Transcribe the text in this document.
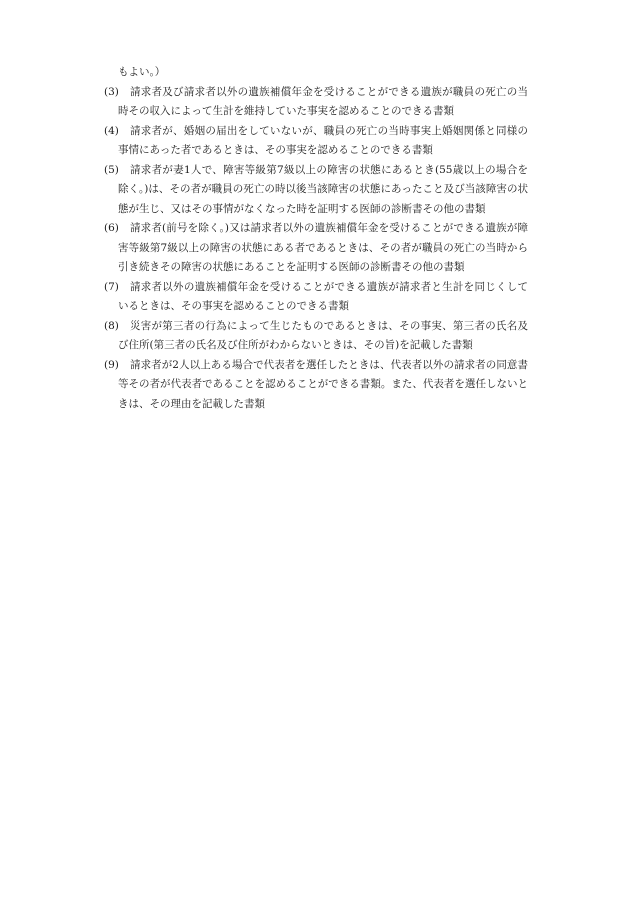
もよい。）
(3)	請求者及び請求者以外の遺族補償年金を受けることができる遺族が職員の死亡の当時その収入によって生計を維持していた事実を認めることのできる書類
(4)	請求者が、婚姻の届出をしていないが、職員の死亡の当時事実上婚姻関係と同様の事情にあった者であるときは、その事実を認めることのできる書類
(5)	請求者が妻1人で、障害等級第7級以上の障害の状態にあるとき(55歳以上の場合を除く。)は、その者が職員の死亡の時以後当該障害の状態にあったこと及び当該障害の状態が生じ、又はその事情がなくなった時を証明する医師の診断書その他の書類
(6)	請求者(前号を除く。)又は請求者以外の遺族補償年金を受けることができる遺族が障害等級第7級以上の障害の状態にある者であるときは、その者が職員の死亡の当時から引き続きその障害の状態にあることを証明する医師の診断書その他の書類
(7)	請求者以外の遺族補償年金を受けることができる遺族が請求者と生計を同じくしているときは、その事実を認めることのできる書類
(8)	災害が第三者の行為によって生じたものであるときは、その事実、第三者の氏名及び住所(第三者の氏名及び住所がわからないときは、その旨)を記載した書類
(9)	請求者が2人以上ある場合で代表者を選任したときは、代表者以外の請求者の同意書等その者が代表者であることを認めることができる書類。また、代表者を選任しないときは、その理由を記載した書類
